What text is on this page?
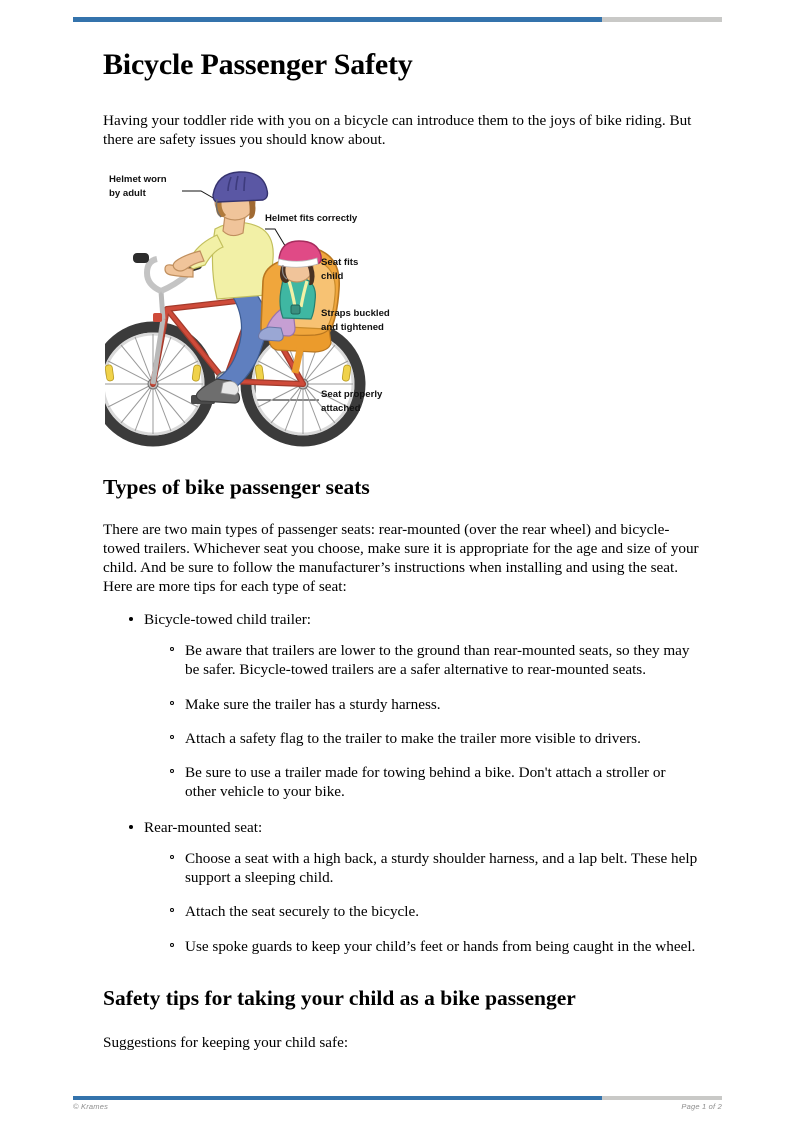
Bicycle Passenger Safety

Having your toddler ride with you on a bicycle can introduce them to the joys of bike riding. But there are safety issues you should know about.

Helmet worn
by adult
Helmet fits correctly
Seat fits
child
Straps buckled
and tightened
Seat properly
attached
Types of bike passenger seats

There are two main types of passenger seats: rear-mounted (over the rear wheel) and bicycle-towed trailers. Whichever seat you choose, make sure it is appropriate for the age and size of your child. And be sure to follow the manufacturer’s instructions when installing and using the seat. Here are more tips for each type of seat:

Bicycle-towed child trailer:
Be aware that trailers are lower to the ground than rear-mounted seats, so they may be safer. Bicycle-towed trailers are a safer alternative to rear-mounted seats.
Make sure the trailer has a sturdy harness.
Attach a safety flag to the trailer to make the trailer more visible to drivers.
Be sure to use a trailer made for towing behind a bike. Don't attach a stroller or other vehicle to your bike.
Rear-mounted seat:
Choose a seat with a high back, a sturdy shoulder harness, and a lap belt. These help support a sleeping child.
Attach the seat securely to the bicycle.
Use spoke guards to keep your child’s feet or hands from being caught in the wheel.
Safety tips for taking your child as a bike passenger

Suggestions for keeping your child safe:

© Krames	Page 1 of 2
